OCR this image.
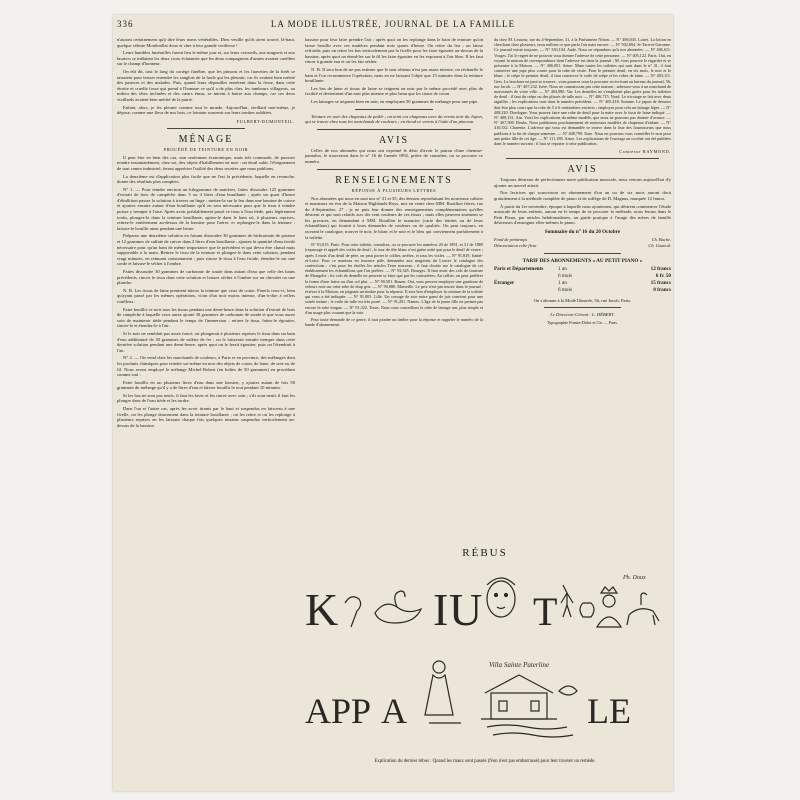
336	LA MODE ILLUSTRÉE, JOURNAL DE LA FAMILLE

n'auront certainement qu'à dire leurs noms vénérables. Dieu veuille qu'ils aient trouvé, là-haut, quelque céleste Montbaillat doux et cher à leur grande vieillesse !

Leurs humbles funérailles furent lieu le même jour et, sur leurs cercueils, aux muguets et aux lauriers se mêlaient les deux croix éclatantes que les deux compagnons d'armes avaient cueillies sur le champ d'honneur.

On eût dit, tout le long du cortège funèbre, que les pinsons et les fauvettes de la forêt se taisaient pour laisser entendre les sanglots de la foule qui les pleurait, car ils avaient bien mérité des pauvres et des malades. Puis, quand leurs dépouilles entrèrent dans la fosse, dans cette étroite et cruelle fosse qui prend à l'homme ce qu'il a de plus cher, les tambours villageois, au milieu des têtes inclinées et des cœurs émus, se mirent à battre aux champs, car ces deux vieillards avaient bien mérité de la patrie.

Enfant, alors, je les pleurer comme tout le monde. Aujourd'hui, vieillard moi-même, je dépose, comme une fleur de nos bois, ce lointain souvenir sur leurs tombes oubliées.

FULBERT-DUMONTEIL.
MÉNAGE
PROCÉDÉ DE TEINTURE EN NOIR

Il peut être en bien des cas, non seulement économique, mais très commode, de pouvoir teindre instantanément, chez soi, des objets d'habillement en noir : un deuil subit, l'éloignement de tout centre industriel, feront apprécier l'utilité des deux recettes que nous publions.

La deuxième est d'application plus facile que ne l'est la précédente, laquelle en revanche, donne des résultats plus complets.

N° 1. — Pour teindre environ un kilogramme de matières, faites dissoudre 125 grammes d'extrait de bois de campêche dans 3 ou 4 litres d'eau bouillante ; après un quart d'heure d'ébullition passer la solution à travers un linge ; mettez-la sur le feu dans une bassine de cuivre et ajoutez ensuite autant d'eau bouillante qu'il en sera nécessaire pour que le tissu à teindre puisse y tremper à l'aise. Après avoir préalablement passé ce tissu à l'eau tiède, puis légèrement tordu, plongez-le dans la teinture bouillante, agitez-le dans le bain où, à plusieurs reprises, retirez-le entièrement au-dessus de la bassine pour l'aérer, et replongez-le dans la teinture ; laissez-le bouillir ainsi pendant une heure.

Préparez une deuxième solution en faisant dissoudre 30 grammes de bichromate de potasse et 12 grammes de sulfate de cuivre dans 2 litres d'eau bouillante ; ajoutez la quantité d'eau froide nécessaire pour qu'un bain de même importance que le précédent et qui devra être chaud mais supportable à la main. Retirez le tissu de la teinture et plongez-le dans cette solution, pendant vingt minutes, en remuant constamment ; puis rincez le tissu à l'eau froide, étendez-le sur une corde et laissez-le sécher à l'ombre.

Faites dissoudre 30 grammes de carbonate de soude dans autant d'eau que celle des bains précédents, rincez le tissu dans cette solution et laissez sécher à l'ombre sur un chevalet ou une planche.

N. B. Les tissus de laine prennent mieux la teinture que ceux de coton. Pareils ceux-ci, bien qu'ayant passé par les mêmes opérations, n'ont d'un noir moins intense, d'un-à-dire à reflets rouilleux.

Faire bouillir ce noir tous les tissus pendant une demi-heure dans la solution d'extrait de bois de campêche à laquelle vous aurez ajouté 30 grammes de carbonate de soude et que vous aurez soin de maintenir tiède pendant le temps de l'immersion ; retirez le tissu, faites-le égoutter, rincez-le et étendez-le à l'air.

Si le noir ne semblait pas assez foncé, on plongerait à plusieurs reprises le tissu dans un bain d'eau additionné de 30 grammes de sulfate de fer ; on le laisserait ensuite tremper dans cette dernière solution pendant une demi-heure, après quoi on le ferait égoutter, puis on l'étendrait à l'air.

N° 2. — On vend chez les marchands de couleurs, à Paris et en province, des mélanges dont les produits chimiques pour teindre soi-même en noir des objets de coton, de laine, de soie ou de fil. Nous avons employé le mélange Michel-Robert (en boîtes de 50 grammes) en procédant comme suit :

Faire bouillir en un plusieurs litres d'eau dans une bassine, y ajouter autant de fois 50 grammes de mélange qu'il y a de litres d'eau et laisser bouillir le tout pendant 10 minutes.

Si les bas ne sont pas neufs, il faut les laver et les rincer avec soin ; s'ils sont neufs il faut les plonger dans de l'eau tiède et les tordre.

Dans l'un et l'autre cas, après les avoir tirants par le haut et suspendus en faisceau à une ficelle, on les plonge doucement dans la teinture bouillante ; on les retire et on les replonge à plusieurs reprises en les laissant chaque fois quelques instants suspendus verticalement au-dessus de la bassine.

bassine pour leur faire prendre l'air ; après quoi on les replonge dans le bain de teinture qu'on laisse bouillir avec ces matières pendant trois quarts d'heure. On retire du feu ; on laisse refroidir, puis on retire les bas verticalement par la ficelle pour les faire égoutter au-dessus de la bassine, après quoi on étend-les sur le fil les faire égoutter en les exposant à l'air libre. Il les faut rincer à grande eau et on les fait sécher.

N. B. Il sera bon de ne pas estimer que le noir obtenu n'est pas assez intense, on réchauffe le bain et l'on recommence l'opération, mais en ne laissant l'objet que 15 minutes dans la teinture bouillante.

Les bas de laine et tissus de laine se teignent en noir par le même procédé avec plus de facilité et deviennent d'un noir plus intense et plus beau que les tissus de coton.

Les lainages se teignent bien en noir, en employant 50 grammes de mélange pour une pipe.

Teinture en noir des chapeaux de paille ; on teint ces chapeaux avec du vernis noir du Japon, qui se trouve chez tous les marchands de couleurs ; en étend ce vernis à l'aide d'un pinceau.

AVIS

Celles de nos abonnées qui nous ont exprimé le désir d'avoir le patron d'une chemise-pantalon, le trouveront dans le n° 16 de l'année 1892, prière de consulter, ou se procurer ce numéro.

RENSEIGNEMENTS
RÉPONSE À PLUSIEURS LETTRES

Nos abonnées qui nous en sont nos n° 31 et 35, des dessins reproduisant les nouveaux cahiers et manteaux en écu de la Maison Highlands-Roys, mis en vente chez MM. Rouillon frères, rue du 4-Septembre, 27 ; je ne puis leur donner des renseignements complémentaires qu'elles désirent et qui sont relatifs aux dix-cent couleurs de ces tissus ; mais elles peuvent aisément se les procurer, en demandant à MM. Rouillon le nuancier (carte des teintes ou de leurs échantillons) qui fournit à leurs demandes de couleurs ou de qualités. On peut toujours, en ouvrant le catalogue, trouver le noir, le blanc et le noir et le bleu qui conviennent parfaitement à la toilette.

N° 91,015. Paris. Pour cette toilette, consultez, ou se procurer les numéros 20 de 1891, et 31 de 1889 (repassage et apprêt des voiles de deuil ; le tour de tête blanc n'est guère usité que pour le deuil de veuve ; après 3 mois d'un deuil de père, on peut porter le collier, arrêtez, et tous les voiles. — N° 91,819. Isabel-et-Loire. Pour ce manteau en fourrure pâle, demandez aux magasins du Louvre le catalogue des confections ; c'est pour les étoffes les articles Terre nouveau ; il faut choisir sur le catalogue de cet établissement les échantillons que l'on préfère. — N° 92,345. Bourges. Il faut avoir des cols de fourrure de Mongolie ; les cols de dentelle ne peuvent se faire que par les couturières. Au collier, on peut préférer la forme d'une fraise ou d'un col plat. — N° 90,501. Rouen. Oui, vous pouvez employer une garniture de velours noir sur cette robe de drap gris. — N° 90,880. Marseille. Le prix n'est pas inscrit dans le journal ; écrivez à la Maison, en joignant un timbre pour la réponse. Il sera bon d'employer la ceinture de la toilette qui vous a été indiquée. — N° 91,003. Lille. Un corsage de soie noire garni de jais convient pour une soirée intime ; le voile de tulle est très porté. — N° 91,201. Nantes. L'âge de la jeune fille ne permet pas encore la robe longue. — N° 91,322. Tours. Nous vous conseillons la robe de lainage uni, plus simple et d'un usage plus courant que la soie.

Pour toute demande de ce genre, il faut joindre un timbre pour la réponse et rappeler le numéro de la bande d'abonnement.

du chez M. Lesueur, rue du 4-Septembre, 31, à la Parfumerie Ninon. — N° 406,045. Loiret. La lotion en cherchant chez plusieurs, nous mêlons ce que parla l'air mais encore. — N° 502,694. St-Tarn-et-Garonne. Ce journal existe toujours. — N° 330,104. Aude. Nous ne répondons qu'à nos abonnées. — N° 406,611. Vosges. J'ai le regret de ne pouvoir vous donner l'adresse de cette personne. — N° 405,122. Paris. Oui, en voyant la maison de correspondance dont l'adresse est dans la journal ; M. vous pourrez le regarder et se présenter à la Maison. — N° 406,001. Seine. Mme toutes les toilettes qui sont dans le n° 41, il faut conserver une jupe plus courte pour la robe de visite. Pour le premier deuil, en six mois, le noir et le blanc ; le crêpe le premier deuil, il faut conserver le voile de crêpe et les robes de laine. — N° 403,111. Gers. La brochure ne peut se trouver ; vous pourrez vous la procurer en écrivant au bureau du journal, 56, rue Jacob. — N° 407,232. Isère. Nous ne connaissons pas cette maison ; adressez-vous à un marchand de nouveautés de votre ville. — N° 404,980. Var. Les dentelles ne s'emploient plus guère pour les toilettes de deuil ; il faut du crêpe ou des plissés de tulle noir. — N° 406,715. Nord. Le tricotage se fait avec deux aiguilles ; les explications sont dans le numéro précédent. — N° 405,418. Somme. Le jupon de dessous doit être plus court que la robe de 5 à 6 centimètres environ ; employez pour cela un lainage léger. — N° 408,220. Dordogne. Vous pouvez faire une robe de deuil pour la mère avec le tissu de laine indiqué. — N° 409,131. Ain. Voici les explications du même modèle, que nous ne pouvons pas donner d'avance. — N° 407,508. Doubs. Nous publierons prochainement de nouveaux modèles de chapeaux d'enfant. — N° 410,332. Charente. L'adresse qui vous est demandée se trouve dans la liste des fournisseurs que nous publions à la fin de chaque semestre. — N° 408,799. Eure. Nous ne pouvons vous conseiller le noir pour une petite fille de cet âge. — N° 111,188. Aisne. Les explications de l'ouvrage au crochet ont été publiées dans le numéro suivant ; il faut se reporter à cette publication.

Comtesse RAYMOND.
AVIS

Toujours désireux de perfectionner notre publication musicale, nous venons aujourd'hui d'y ajouter un nouvel attrait.

Nos lectrices qui souscriront un abonnement d'un an ou de six mois auront droit gratuitement à la méthode complète de piano et de solfège de D. Magnus, marquée 12 francs.

À partir du 1er novembre, époque à laquelle nous ajouterons, qui désirent commencer l'étude musicale de leurs enfants, auront en le temps de se procurer la méthode, nous ferons dans le Petit Piano, par articles hebdomadaires, un guide pratique à l'usage des mères de famille désireuses d'enseigner elles-mêmes le piano.

Sommaire du n° 16 du 20 Octobre
Fond de printemps	Ch. Buche.
Dénonciation celle fleur	Ch. Gounod.
TARIF DES ABONNEMENTS « AU PETIT PIANO »
Paris et Départements	1 an	12 francs
6 mois	6 fr. 50
Étranger	1 an	15 francs
6 mois	8 francs

On s'abonne à la Mode Illustrée, 56, rue Jacob, Paris.

Le Directeur-Gérant : L. HÉBERT.

Typographie Firmin-Didot et Cie — Paris.

RÉBUS
K I U T
APP A	LE
Villa Sainte Paterline
Ph. Doux
Explication du dernier rébus : Quand les maux sont passés (Non n'est pas embarrassé) pour leur trouver un remède.
